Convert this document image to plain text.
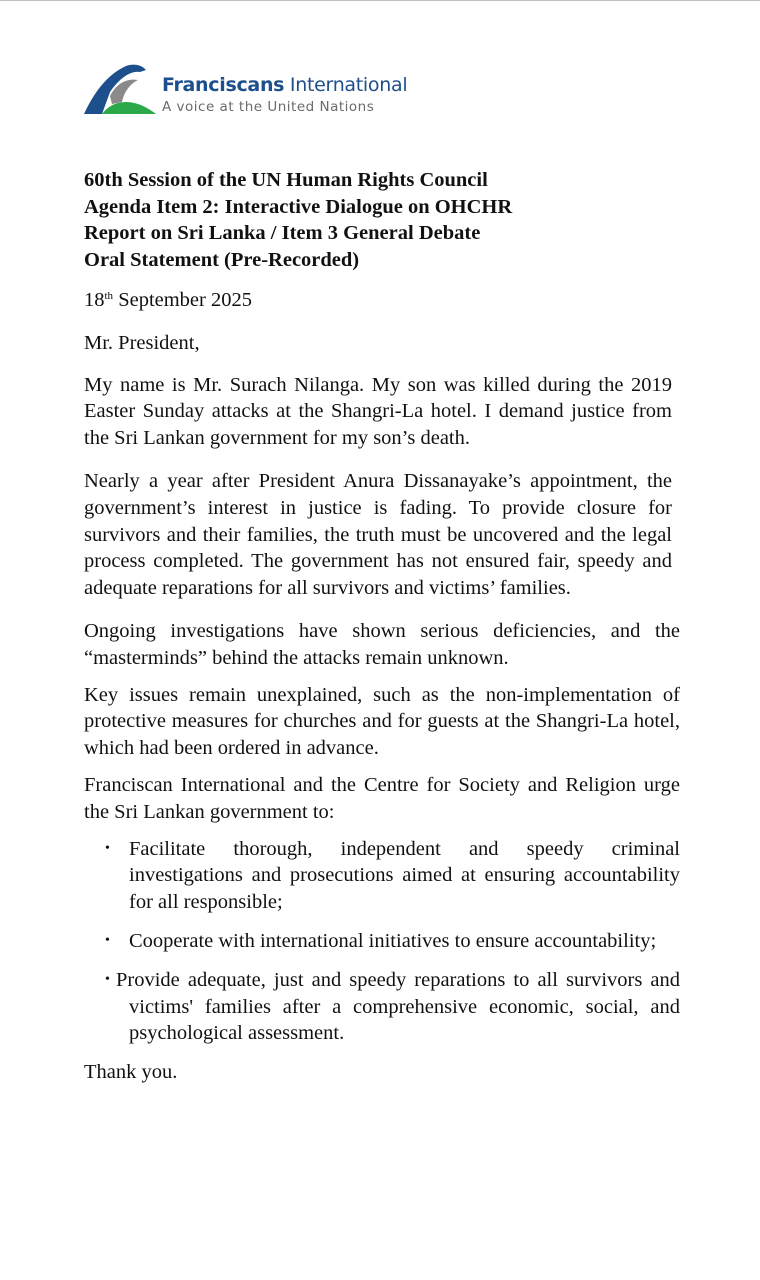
Franciscans International
A voice at the United Nations
60th Session of the UN Human Rights Council
Agenda Item 2: Interactive Dialogue on OHCHR
Report on Sri Lanka / Item 3 General Debate
Oral Statement (Pre-Recorded)

18th September 2025

Mr. President,

My name is Mr. Surach Nilanga. My son was killed during the 2019 Easter Sunday attacks at the Shangri-La hotel. I demand justice from the Sri Lankan government for my son’s death.

Nearly a year after President Anura Dissanayake’s appointment, the government’s interest in justice is fading. To provide closure for survivors and their families, the truth must be uncovered and the legal process completed. The government has not ensured fair, speedy and adequate reparations for all survivors and victims’ families.

Ongoing investigations have shown serious deficiencies, and the “masterminds” behind the attacks remain unknown.

Key issues remain unexplained, such as the non-implementation of protective measures for churches and for guests at the Shangri-La hotel, which had been ordered in advance.

Franciscan International and the Centre for Society and Religion urge the Sri Lankan government to:

• Facilitate thorough, independent and speedy criminal investigations and prosecutions aimed at ensuring accountability for all responsible;
• Cooperate with international initiatives to ensure accountability;
• Provide adequate, just and speedy reparations to all survivors and victims' families after a comprehensive economic, social, and psychological assessment.

Thank you.
